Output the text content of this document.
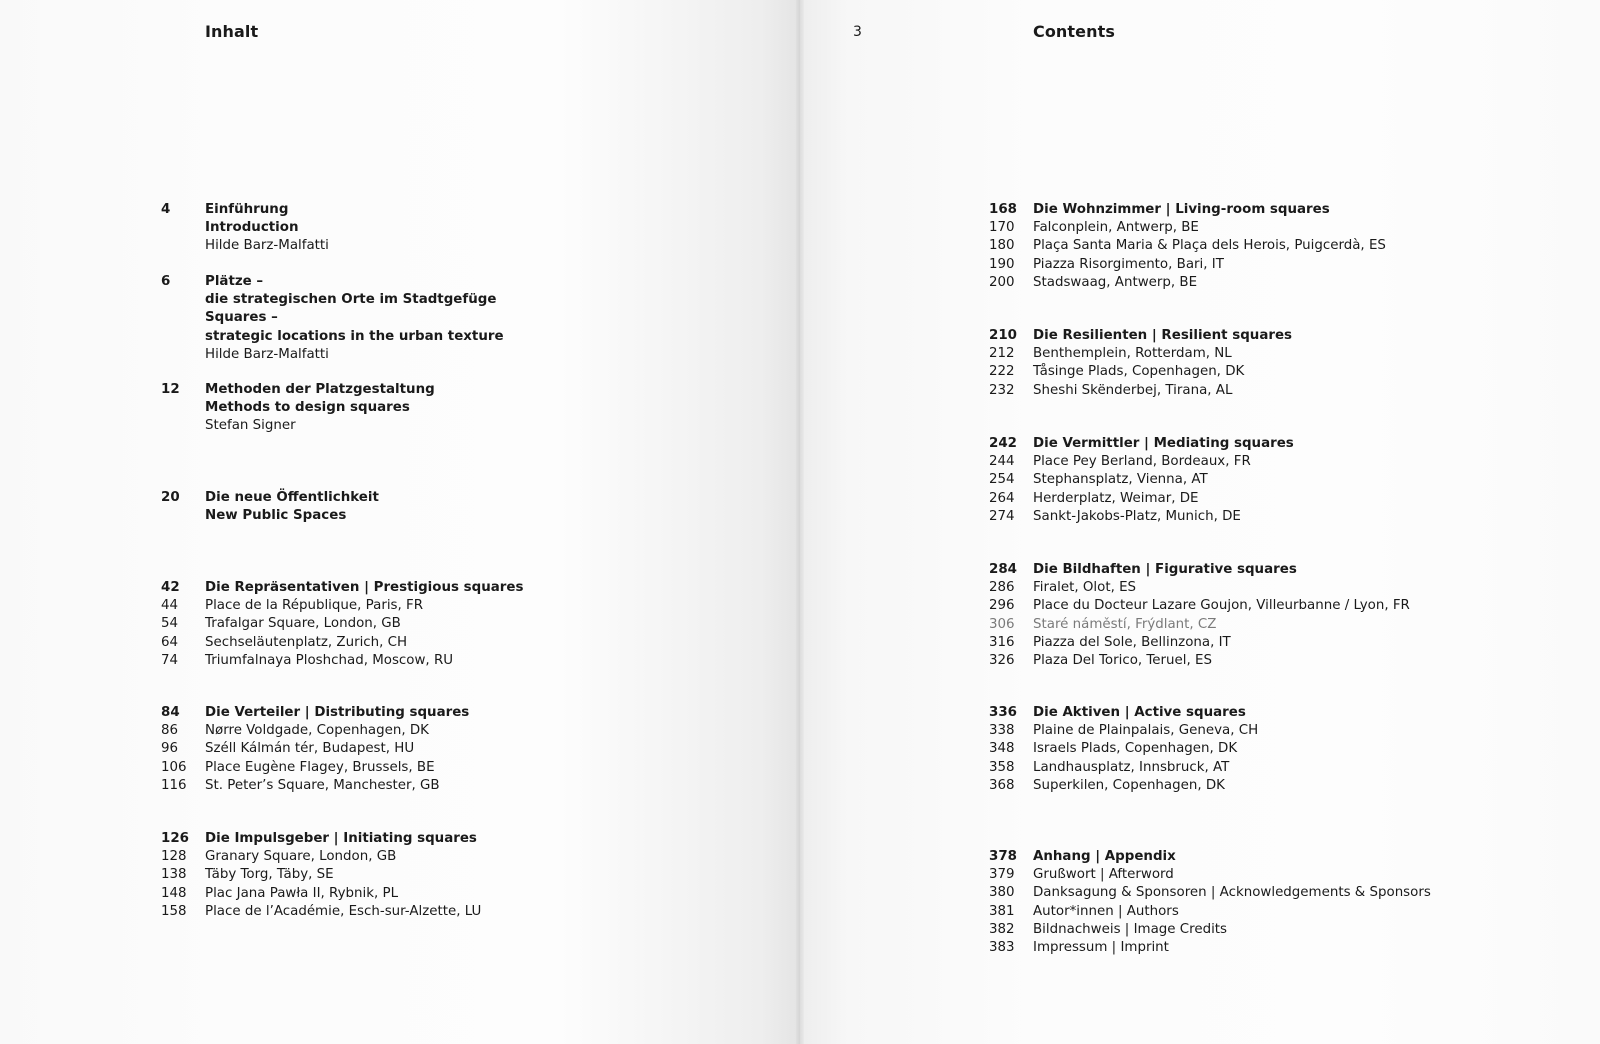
Inhalt
4	Einführung
Introduction
Hilde Barz-Malfatti
6	Plätze –
die strategischen Orte im Stadtgefüge
Squares –
strategic locations in the urban texture
Hilde Barz-Malfatti
12 Methoden der Platzgestaltung
Methods to design squares
Stefan Signer
20 Die neue Öffentlichkeit
New Public Spaces
42 Die Repräsentativen | Prestigious squares
44 Place de la République, Paris, FR
54 Trafalgar Square, London, GB
64 Sechseläutenplatz, Zurich, CH
74 Triumfalnaya Ploshchad, Moscow, RU
84 Die Verteiler | Distributing squares
86 Nørre Voldgade, Copenhagen, DK
96 Széll Kálmán tér, Budapest, HU
106 Place Eugène Flagey, Brussels, BE
116 St. Peter’s Square, Manchester, GB
126 Die Impulsgeber | Initiating squares
128 Granary Square, London, GB
138 Täby Torg, Täby, SE
148 Plac Jana Pawła II, Rybnik, PL
158 Place de l’Académie, Esch-sur-Alzette, LU
3	Contents
168 Die Wohnzimmer | Living-room squares
170 Falconplein, Antwerp, BE
180 Plaça Santa Maria & Plaça dels Herois, Puigcerdà, ES
190 Piazza Risorgimento, Bari, IT
200 Stadswaag, Antwerp, BE
210 Die Resilienten | Resilient squares
212 Benthemplein, Rotterdam, NL
222 Tåsinge Plads, Copenhagen, DK
232 Sheshi Skënderbej, Tirana, AL
242 Die Vermittler | Mediating squares
244 Place Pey Berland, Bordeaux, FR
254 Stephansplatz, Vienna, AT
264 Herderplatz, Weimar, DE
274 Sankt-Jakobs-Platz, Munich, DE
284 Die Bildhaften | Figurative squares
286 Firalet, Olot, ES
296 Place du Docteur Lazare Goujon, Villeurbanne / Lyon, FR
306 Staré náměstí, Frýdlant, CZ
316 Piazza del Sole, Bellinzona, IT
326 Plaza Del Torico, Teruel, ES
336 Die Aktiven | Active squares
338 Plaine de Plainpalais, Geneva, CH
348 Israels Plads, Copenhagen, DK
358 Landhausplatz, Innsbruck, AT
368 Superkilen, Copenhagen, DK
378 Anhang | Appendix
379 Grußwort | Afterword
380 Danksagung & Sponsoren | Acknowledgements & Sponsors
381 Autor*innen | Authors
382 Bildnachweis | Image Credits
383 Impressum | Imprint
